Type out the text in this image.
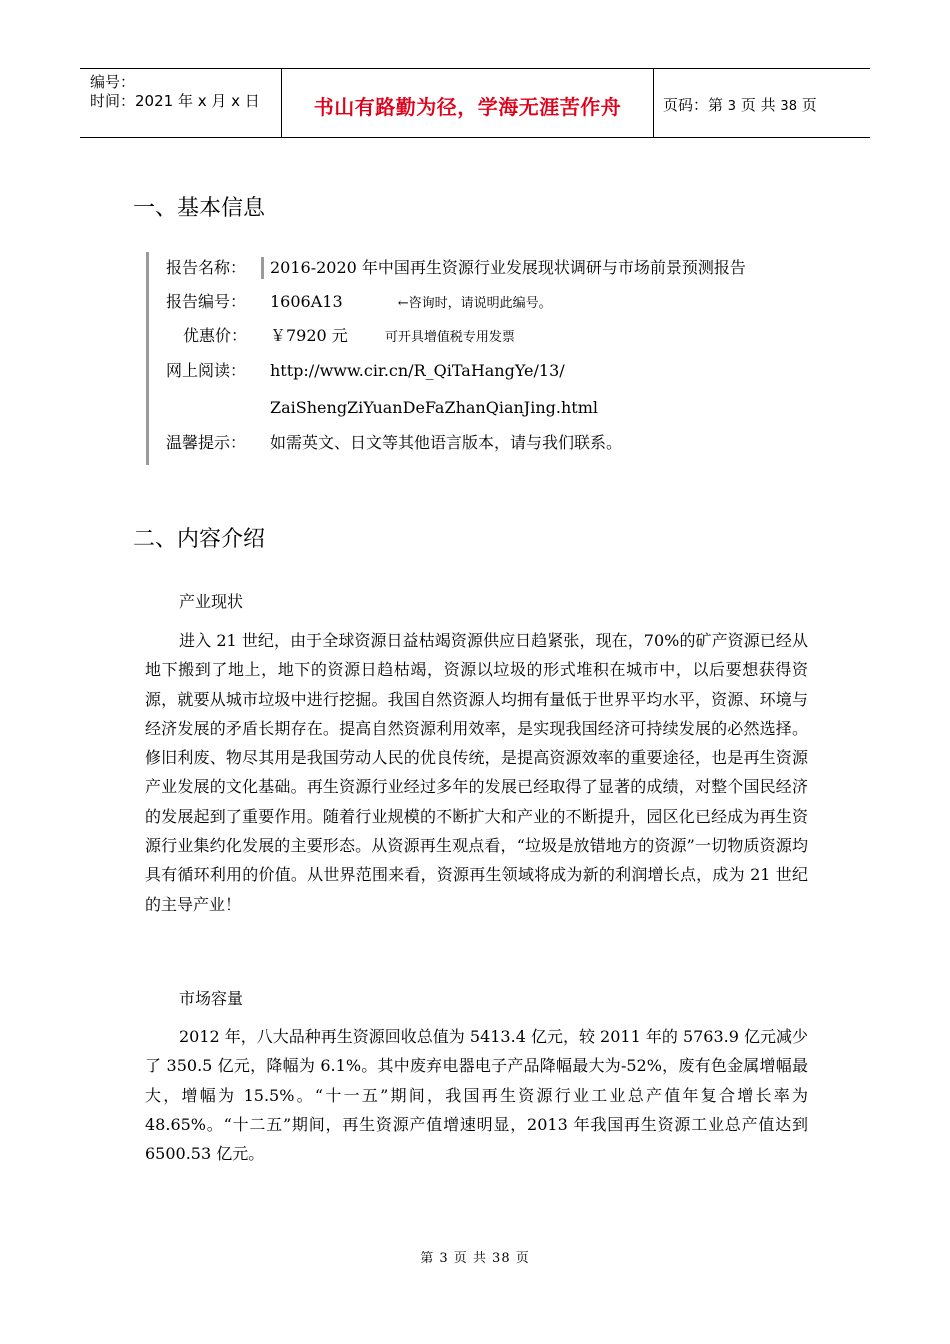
编号：
时间：2021 年 x 月 x 日	书山有路勤为径，学海无涯苦作舟	页码：第 3 页 共 38 页
一、基本信息
报告名称：	2016-2020 年中国再生资源行业发展现状调研与市场前景预测报告
报告编号： 1606A13	←咨询时，请说明此编号。
优惠价： ￥7920 元	可开具增值税专用发票
网上阅读： http://www.cir.cn/R_QiTaHangYe/13/
ZaiShengZiYuanDeFaZhanQianJing.html
温馨提示： 如需英文、日文等其他语言版本，请与我们联系。
二、内容介绍
产业现状
进入 21 世纪，由于全球资源日益枯竭资源供应日趋紧张，现在，70%的矿产资源已经从地下搬到了地上，地下的资源日趋枯竭，资源以垃圾的形式堆积在城市中，以后要想获得资源，就要从城市垃圾中进行挖掘。我国自然资源人均拥有量低于世界平均水平，资源、环境与经济发展的矛盾长期存在。提高自然资源利用效率，是实现我国经济可持续发展的必然选择。修旧利废、物尽其用是我国劳动人民的优良传统，是提高资源效率的重要途径，也是再生资源产业发展的文化基础。再生资源行业经过多年的发展已经取得了显著的成绩，对整个国民经济的发展起到了重要作用。随着行业规模的不断扩大和产业的不断提升，园区化已经成为再生资源行业集约化发展的主要形态。从资源再生观点看，“垃圾是放错地方的资源”一切物质资源均具有循环利用的价值。从世界范围来看，资源再生领域将成为新的利润增长点，成为 21 世纪的主导产业！
市场容量
2012 年，八大品种再生资源回收总值为 5413.4 亿元，较 2011 年的 5763.9 亿元减少了 350.5 亿元，降幅为 6.1%。其中废弃电器电子产品降幅最大为-52%，废有色金属增幅最大，增幅为 15.5%。“十一五”期间，我国再生资源行业工业总产值年复合增长率为 48.65%。“十二五”期间，再生资源产值增速明显，2013 年我国再生资源工业总产值达到 6500.53 亿元。
第 3 页 共 38 页
